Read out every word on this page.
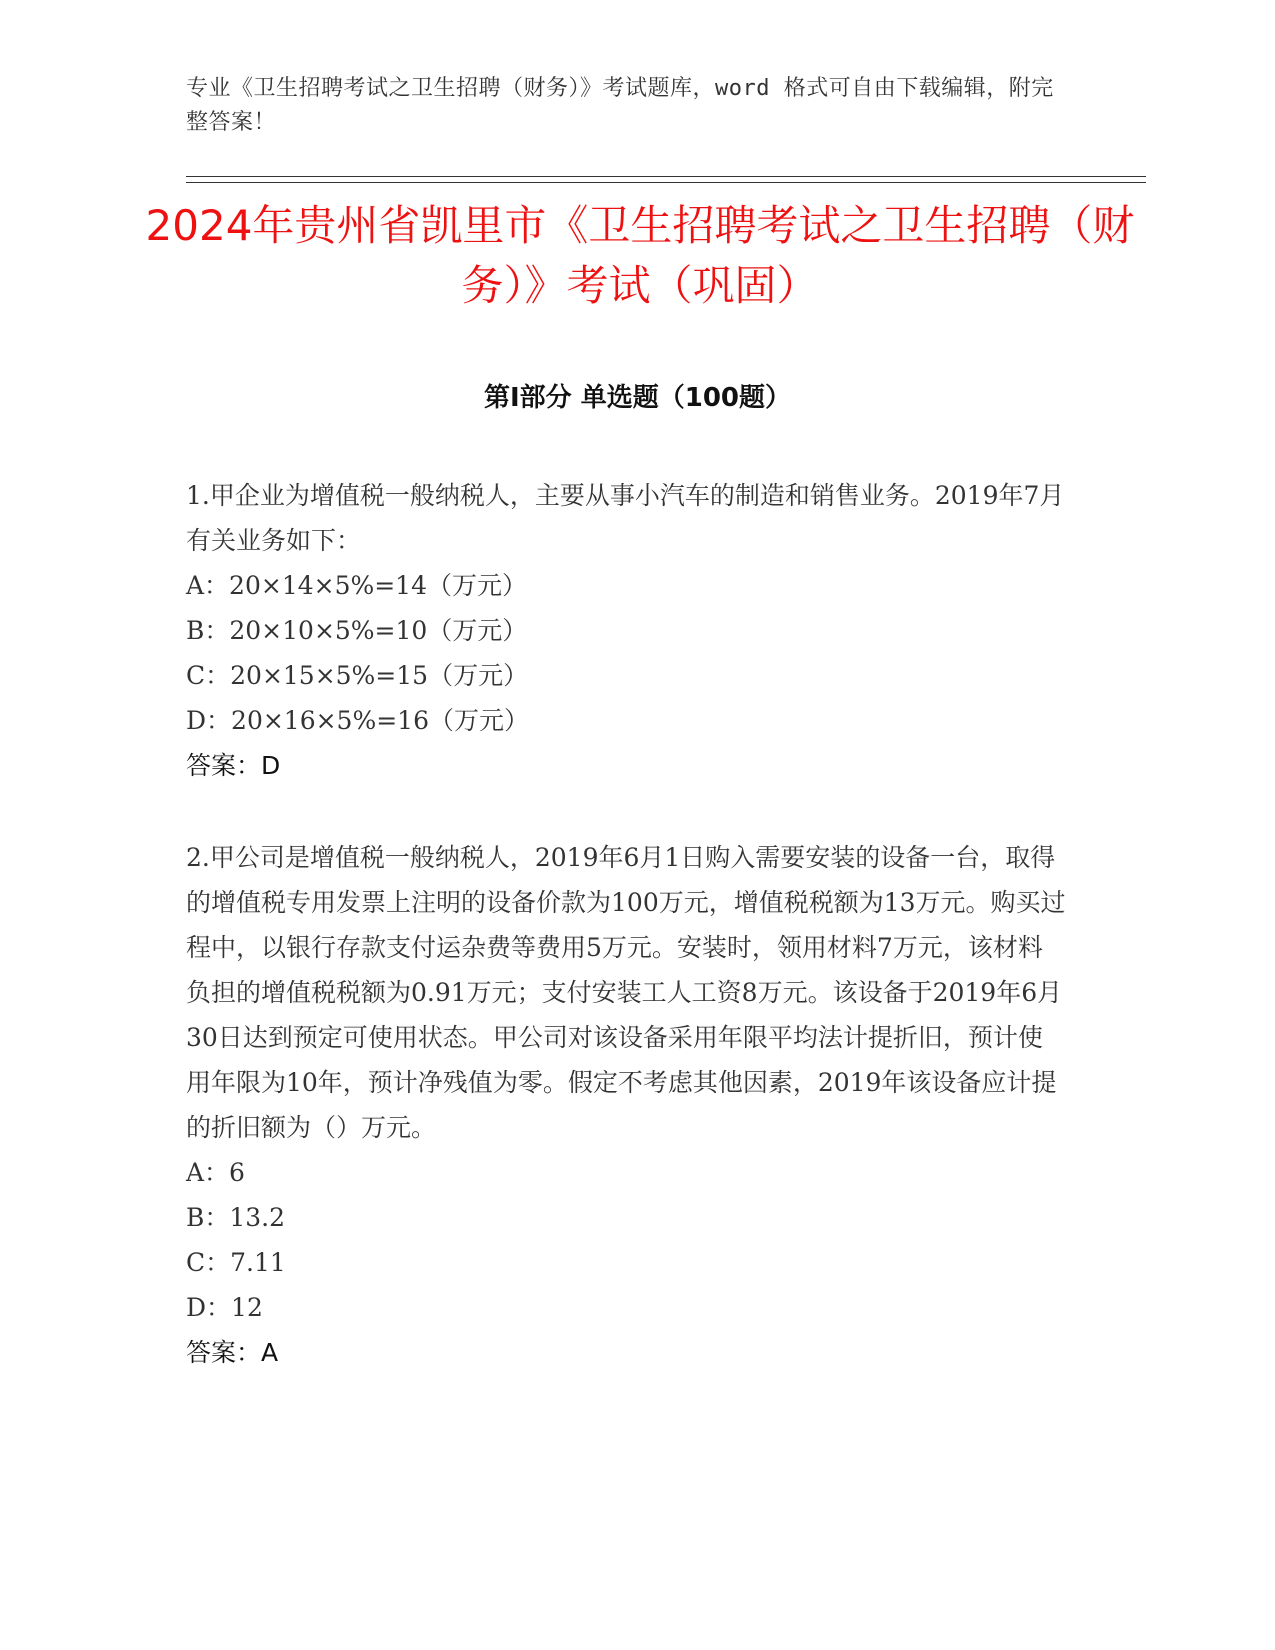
专业《卫生招聘考试之卫生招聘（财务）》考试题库，word 格式可自由下载编辑，附完整答案！
2024年贵州省凯里市《卫生招聘考试之卫生招聘（财务）》考试（巩固）
第Ⅰ部分 单选题（100题）

1.甲企业为增值税一般纳税人，主要从事小汽车的制造和销售业务。2019年7月有关业务如下：

A：20×14×5%=14（万元）

B：20×10×5%=10（万元）

C：20×15×5%=15（万元）

D：20×16×5%=16（万元）

答案：D

2.甲公司是增值税一般纳税人，2019年6月1日购入需要安装的设备一台，取得的增值税专用发票上注明的设备价款为100万元，增值税税额为13万元。购买过程中，以银行存款支付运杂费等费用5万元。安装时，领用材料7万元，该材料负担的增值税税额为0.91万元；支付安装工人工资8万元。该设备于2019年6月30日达到预定可使用状态。甲公司对该设备采用年限平均法计提折旧，预计使用年限为10年，预计净残值为零。假定不考虑其他因素，2019年该设备应计提的折旧额为（）万元。

A：6

B：13.2

C：7.11

D：12

答案：A
